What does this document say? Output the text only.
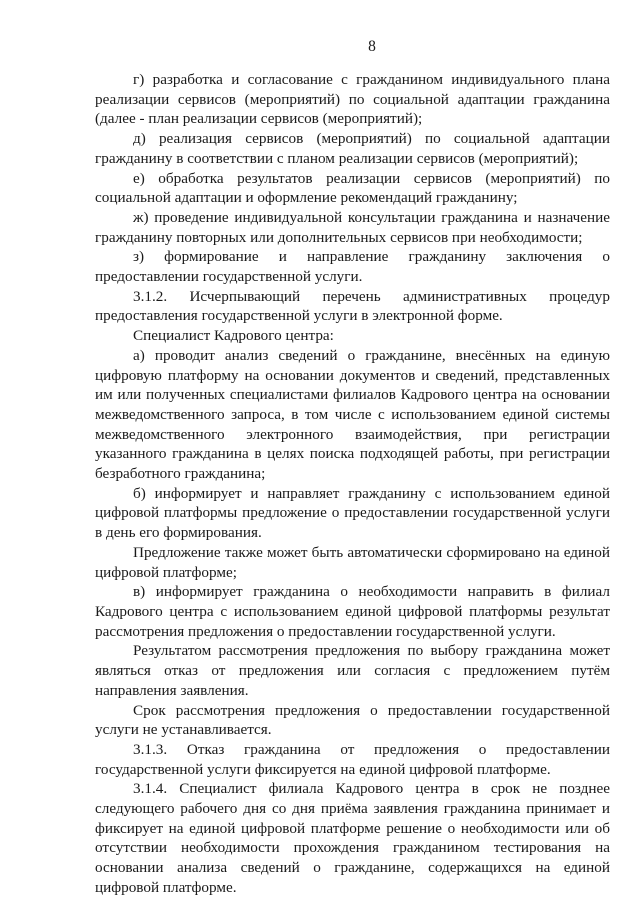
8

г) разработка и согласование с гражданином индивидуального плана реализации сервисов (мероприятий) по социальной адаптации гражданина (далее - план реализации сервисов (мероприятий);

д) реализация сервисов (мероприятий) по социальной адаптации гражданину в соответствии с планом реализации сервисов (мероприятий);

е) обработка результатов реализации сервисов (мероприятий) по социальной адаптации и оформление рекомендаций гражданину;

ж) проведение индивидуальной консультации гражданина и назначение гражданину повторных или дополнительных сервисов при необходимости;

з) формирование и направление гражданину заключения о предоставлении государственной услуги.

3.1.2. Исчерпывающий перечень административных процедур предоставления государственной услуги в электронной форме.

Специалист Кадрового центра:

а) проводит анализ сведений о гражданине, внесённых на единую цифровую платформу на основании документов и сведений, представленных им или полученных специалистами филиалов Кадрового центра на основании межведомственного запроса, в том числе с использованием единой системы межведомственного электронного взаимодействия, при регистрации указанного гражданина в целях поиска подходящей работы, при регистрации безработного гражданина;

б) информирует и направляет гражданину с использованием единой цифровой платформы предложение о предоставлении государственной услуги в день его формирования.

Предложение также может быть автоматически сформировано на единой цифровой платформе;

в) информирует гражданина о необходимости направить в филиал Кадрового центра с использованием единой цифровой платформы результат рассмотрения предложения о предоставлении государственной услуги.

Результатом рассмотрения предложения по выбору гражданина может являться отказ от предложения или согласия с предложением путём направления заявления.

Срок рассмотрения предложения о предоставлении государственной услуги не устанавливается.

3.1.3. Отказ гражданина от предложения о предоставлении государственной услуги фиксируется на единой цифровой платформе.

3.1.4. Специалист филиала Кадрового центра в срок не позднее следующего рабочего дня со дня приёма заявления гражданина принимает и фиксирует на единой цифровой платформе решение о необходимости или об отсутствии необходимости прохождения гражданином тестирования на основании анализа сведений о гражданине, содержащихся на единой цифровой платформе.
